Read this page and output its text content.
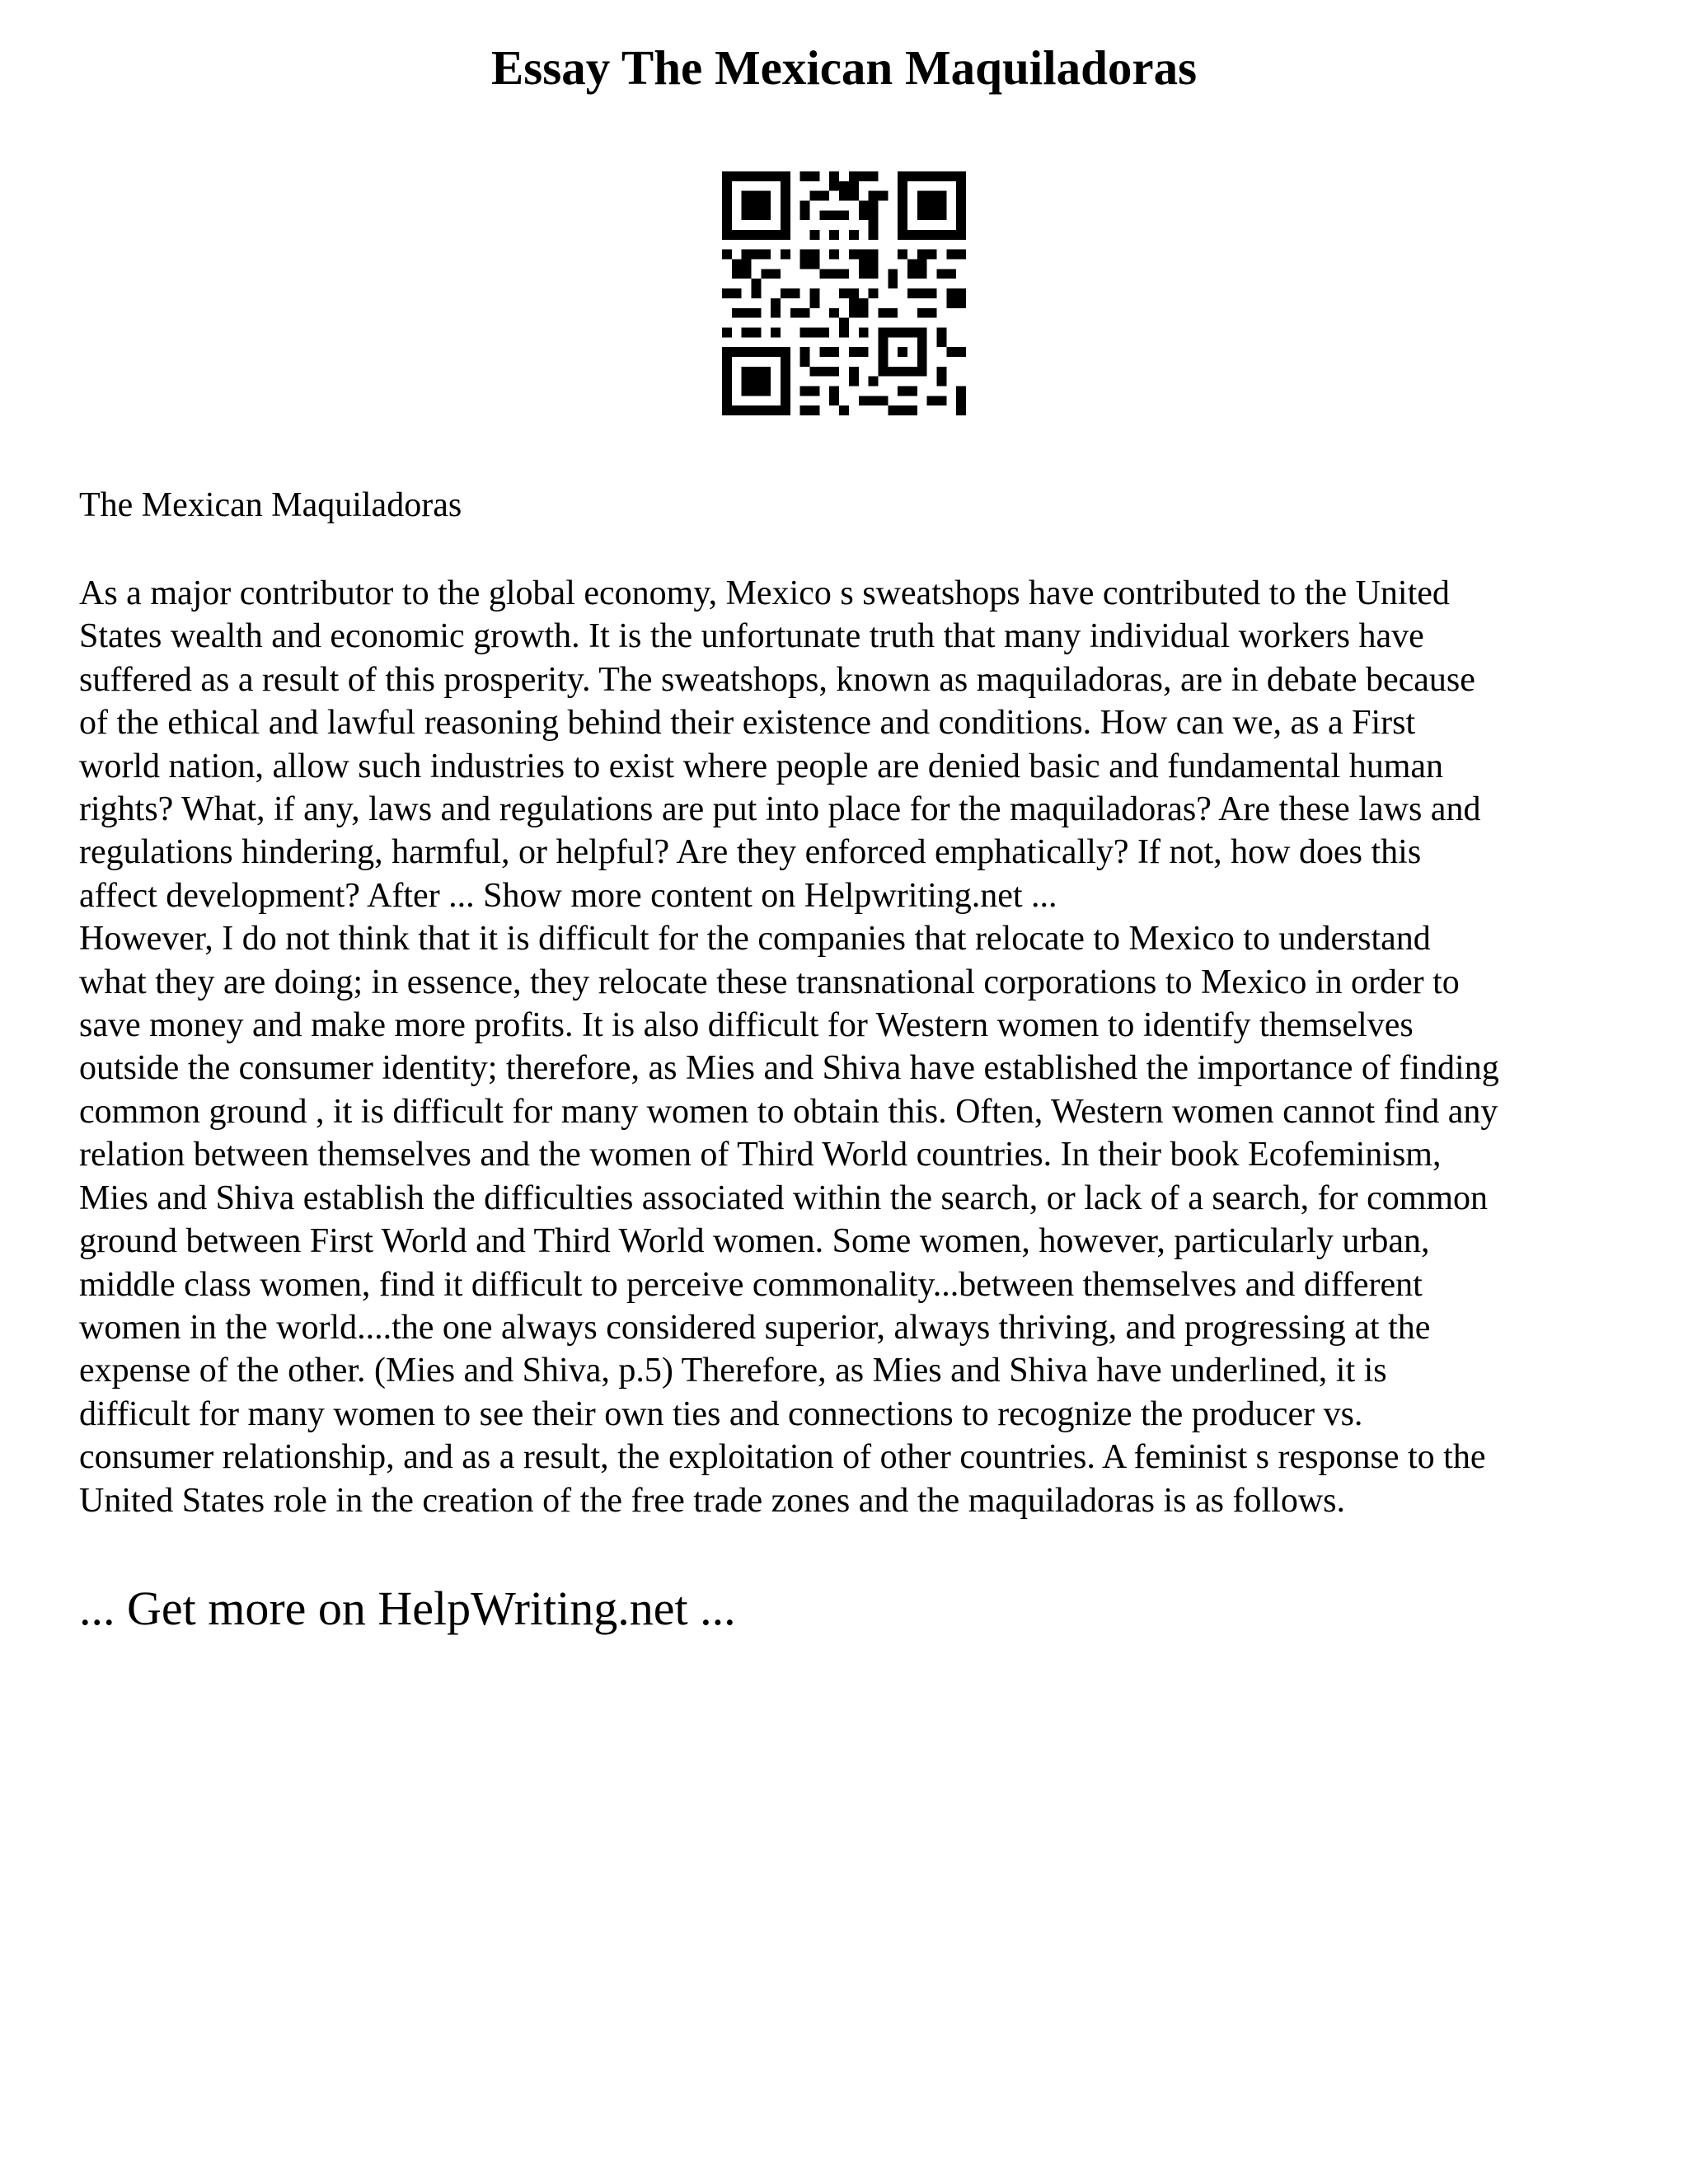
Essay The Mexican Maquiladoras

The Mexican Maquiladoras

As a major contributor to the global economy, Mexico s sweatshops have contributed to the United
States wealth and economic growth. It is the unfortunate truth that many individual workers have
suffered as a result of this prosperity. The sweatshops, known as maquiladoras, are in debate because
of the ethical and lawful reasoning behind their existence and conditions. How can we, as a First
world nation, allow such industries to exist where people are denied basic and fundamental human
rights? What, if any, laws and regulations are put into place for the maquiladoras? Are these laws and
regulations hindering, harmful, or helpful? Are they enforced emphatically? If not, how does this
affect development? After ... Show more content on Helpwriting.net ...
However, I do not think that it is difficult for the companies that relocate to Mexico to understand
what they are doing; in essence, they relocate these transnational corporations to Mexico in order to
save money and make more profits. It is also difficult for Western women to identify themselves
outside the consumer identity; therefore, as Mies and Shiva have established the importance of finding
common ground , it is difficult for many women to obtain this. Often, Western women cannot find any
relation between themselves and the women of Third World countries. In their book Ecofeminism,
Mies and Shiva establish the difficulties associated within the search, or lack of a search, for common
ground between First World and Third World women. Some women, however, particularly urban,
middle class women, find it difficult to perceive commonality...between themselves and different
women in the world....the one always considered superior, always thriving, and progressing at the
expense of the other. (Mies and Shiva, p.5) Therefore, as Mies and Shiva have underlined, it is
difficult for many women to see their own ties and connections to recognize the producer vs.
consumer relationship, and as a result, the exploitation of other countries. A feminist s response to the
United States role in the creation of the free trade zones and the maquiladoras is as follows.

... Get more on HelpWriting.net ...
